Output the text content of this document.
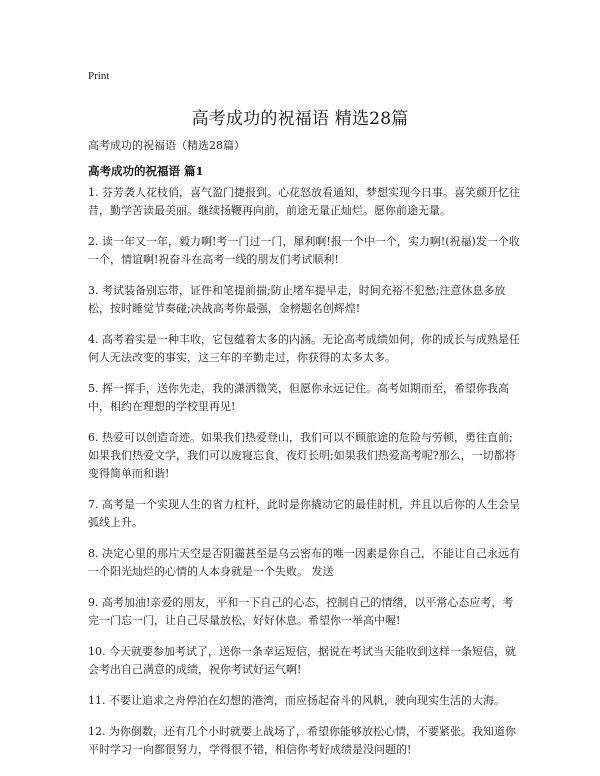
Print
高考成功的祝福语 精选28篇
高考成功的祝福语（精选28篇）
高考成功的祝福语 篇1

1. 芬芳袭人花枝俏，喜气盈门捷报到。心花怒放看通知，梦想实现今日事。喜笑颜开忆往昔，勤学苦读最美丽。继续扬鞭再向前，前途无量正灿烂。愿你前途无量。

2. 读一年又一年，毅力啊!考一门过一门，犀利啊!报一个中一个，实力啊!(祝福)发一个收一个，情谊啊!祝奋斗在高考一线的朋友们考试顺利!

3. 考试装备别忘带，证件和笔提前揣;防止堵车提早走，时间充裕不犯愁;注意休息多放松，按时睡觉节奏碰;决战高考你最强，金榜题名创辉煌!

4. 高考着实是一种丰收，它包蕴着太多的内涵。无论高考成绩如何，你的成长与成熟是任何人无法改变的事实，这三年的辛勤走过，你获得的太多太多。

5. 挥一挥手，送你先走，我的潇洒微笑，但愿你永远记住。高考如期而至，希望你我高中，相约在理想的学校里再见!

6. 热爱可以创造奇迹。如果我们热爱登山，我们可以不顾旅途的危险与劳顿，勇往直前;如果我们热爱文学，我们可以废寝忘食，夜灯长明;如果我们热爱高考呢?那么，一切都将变得简单而和谐!

7. 高考是一个实现人生的省力杠杆，此时是你撬动它的最佳时机，并且以后你的人生会呈弧线上升。

8. 决定心里的那片天空是否阴霾甚至是乌云密布的唯一因素是你自己，不能让自己永远有一个阳光灿烂的心情的人本身就是一个失败。 发送

9. 高考加油!亲爱的朋友，平和一下自己的心态，控制自己的情绪，以平常心态应考，考完一门忘一门，让自己尽量放松，好好休息。希望你一举高中喔!

10. 今天就要参加考试了，送你一条幸运短信，据说在考试当天能收到这样一条短信，就会考出自己满意的成绩，祝你考试好运气啊!

11. 不要让追求之舟停泊在幻想的港湾，而应扬起奋斗的风帆，驶向现实生活的大海。

12. 为你倒数，还有几个小时就要上战场了，希望你能够放松心情，不要紧张。我知道你平时学习一向都很努力，学得很不错，相信你考好成绩是没问题的!
